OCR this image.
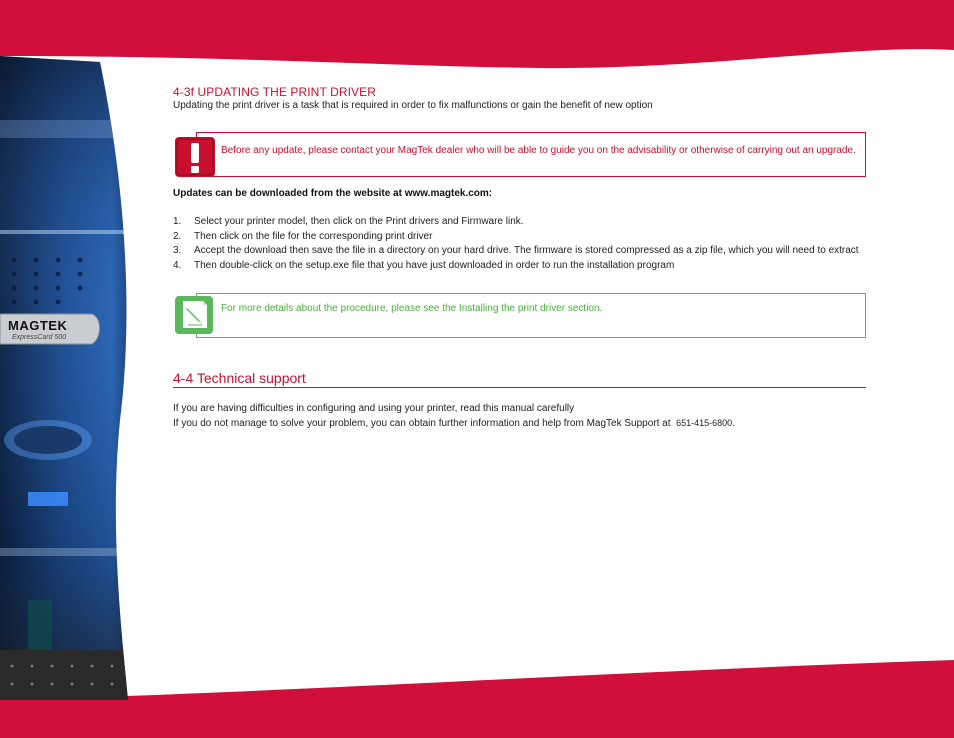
MAGTEK
ExpressCard 500
4-3f UPDATING THE PRINT DRIVER
Updating the print driver is a task that is required in order to fix malfunctions or gain the benefit of new option
Before any update, please contact your MagTek dealer who will be able to guide you on the advisability or otherwise of carrying out an upgrade.
Updates can be downloaded from the website at www.magtek.com:
1. Select your printer model, then click on the Print drivers and Firmware link.
2. Then click on the file for the corresponding print driver
3. Accept the download then save the file in a directory on your hard drive. The firmware is stored compressed as a zip file, which you will need to extract
4. Then double-click on the setup.exe file that you have just downloaded in order to run the installation program
For more details about the procedure, please see the Installing the print driver section.
4-4 Technical support
If you are having difficulties in configuring and using your printer, read this manual carefully
If you do not manage to solve your problem, you can obtain further information and help from MagTek Support at 651-415-6800.
